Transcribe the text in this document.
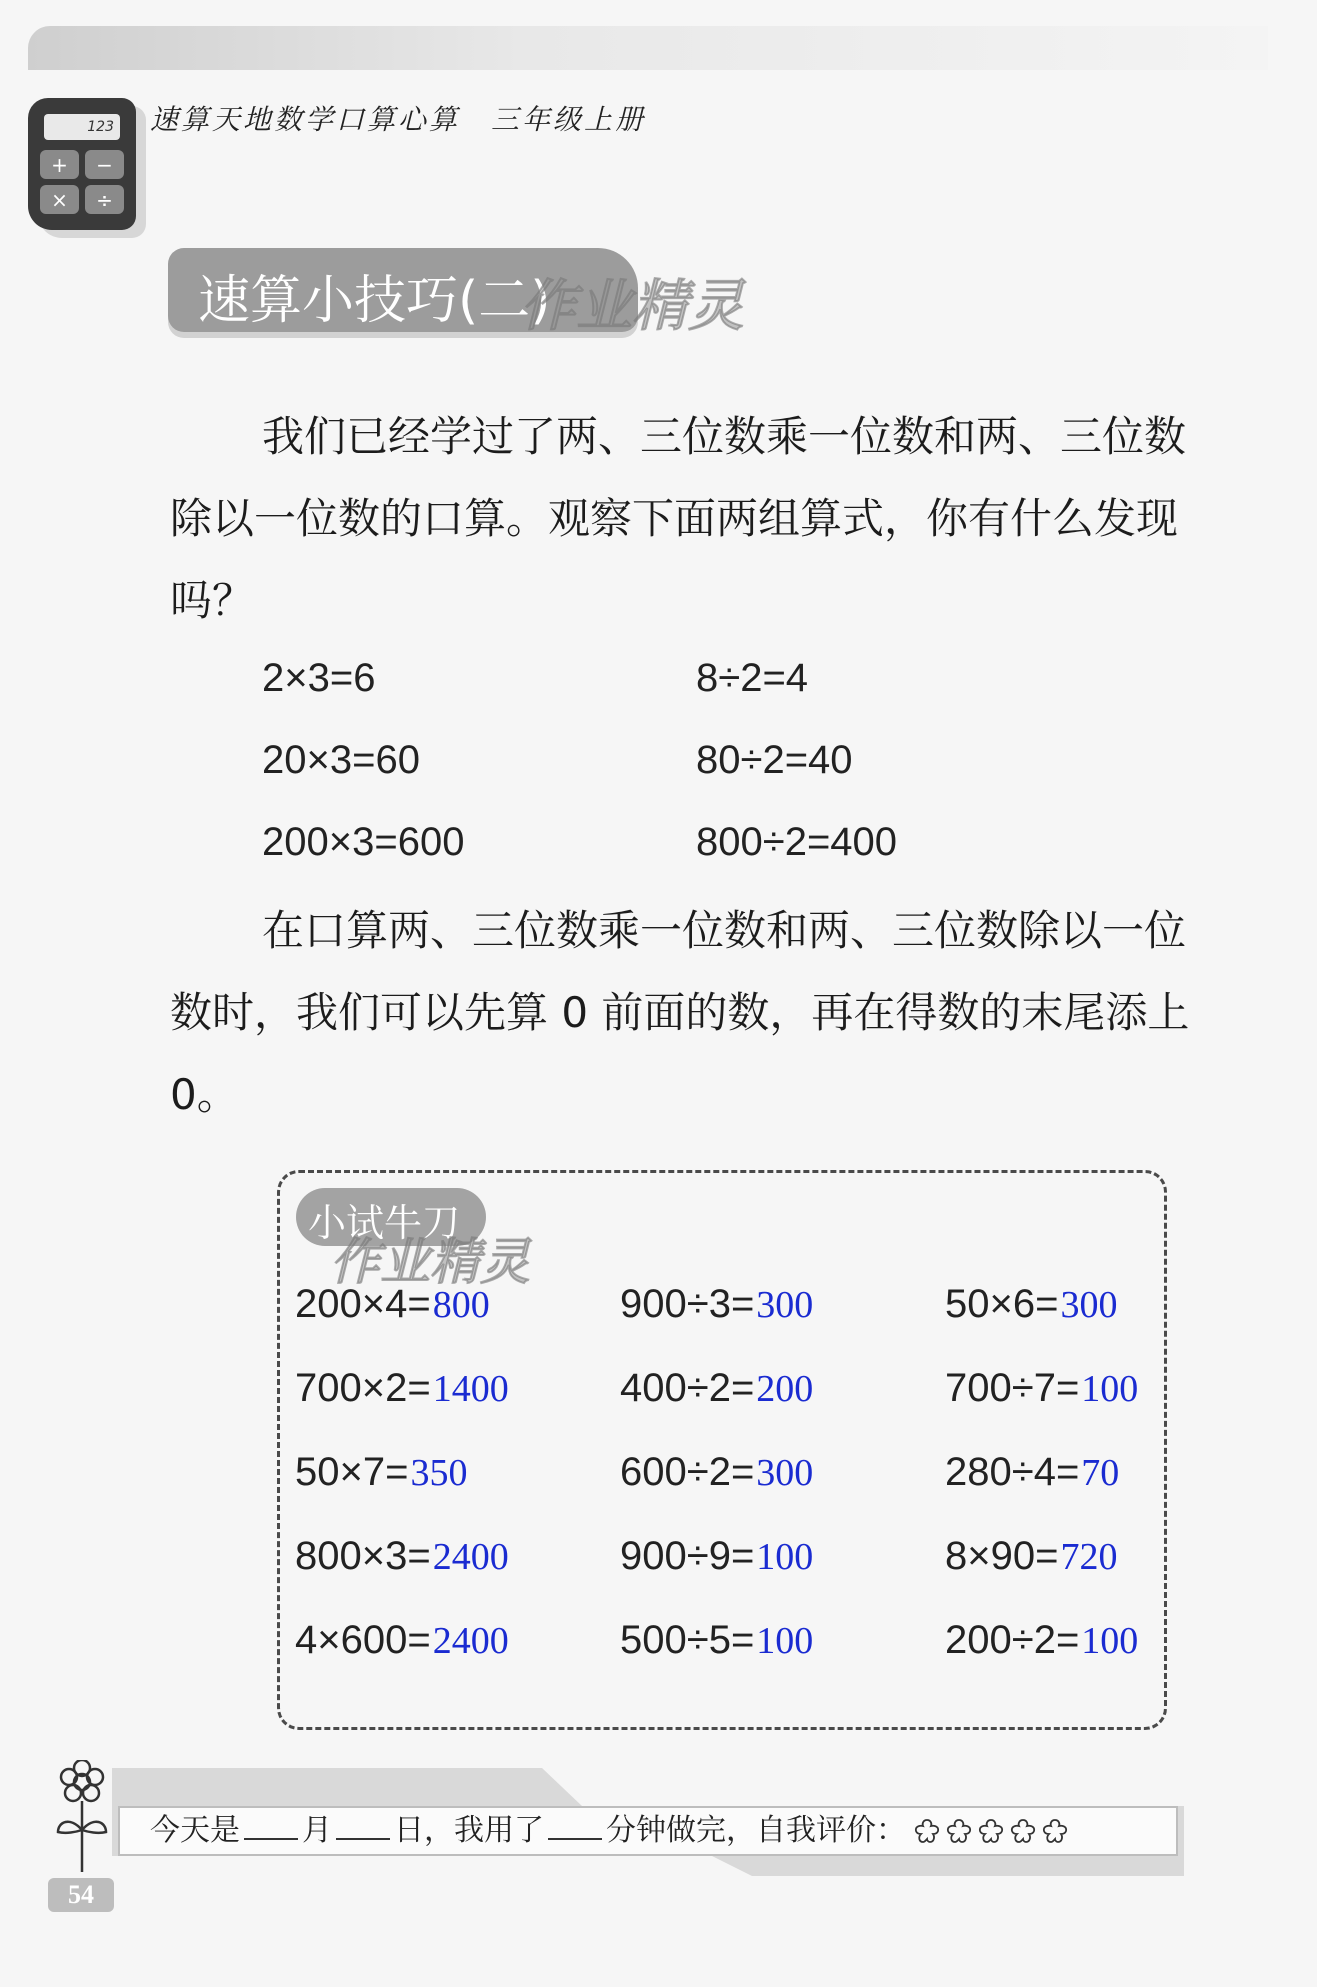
123
+	−
×	÷
速算天地数学口算心算　三年级上册
速算小技巧(二)
作业精灵
我们已经学过了两、三位数乘一位数和两、三位数除以一位数的口算。观察下面两组算式，你有什么发现吗？
2×3=6	8÷2=4
20×3=60	80÷2=40
200×3=600	800÷2=400
在口算两、三位数乘一位数和两、三位数除以一位数时，我们可以先算 0 前面的数，再在得数的末尾添上 0。
小试牛刀
作业精灵
200×4=800	900÷3=300	50×6=300
700×2=1400	400÷2=200	700÷7=100
50×7=350	600÷2=300	280÷4=70
800×3=2400	900÷9=100	8×90=720
4×600=2400	500÷5=100	200÷2=100
今天是 月 日，我用了 分钟做完，自我评价：
54
